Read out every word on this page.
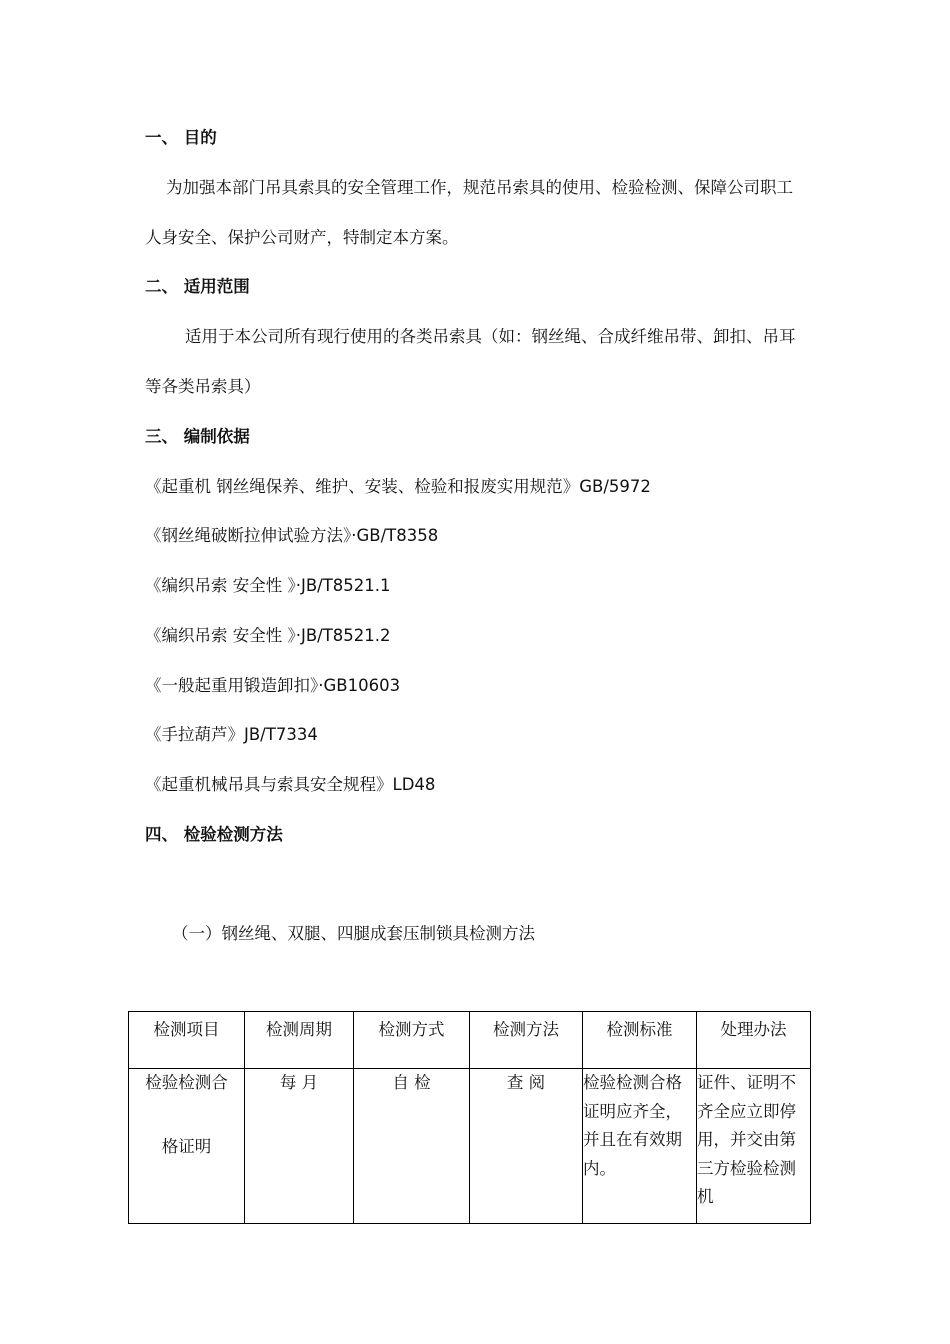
一、 目的
为加强本部门吊具索具的安全管理工作，规范吊索具的使用、检验检测、保障公司职工
人身安全、保护公司财产，特制定本方案。
二、 适用范围
适用于本公司所有现行使用的各类吊索具（如：钢丝绳、合成纤维吊带、卸扣、吊耳
等各类吊索具）
三、 编制依据
《起重机 钢丝绳保养、维护、安装、检验和报废实用规范》GB/5972
《钢丝绳破断拉伸试验方法》·GB/T8358
《编织吊索 安全性 》·JB/T8521.1
《编织吊索 安全性 》·JB/T8521.2
《一般起重用锻造卸扣》·GB10603
《手拉葫芦》JB/T7334
《起重机械吊具与索具安全规程》LD48
四、 检验检测方法
（一）钢丝绳、双腿、四腿成套压制锁具检测方法
检测项目	检测周期	检测方式	检测方法	检测标准	处理办法
检验检测合
格证明	每 月	自 检	查 阅	检验检测合格证明应齐全，并且在有效期内。	证件、证明不齐全应立即停用，并交由第三方检验检测机
